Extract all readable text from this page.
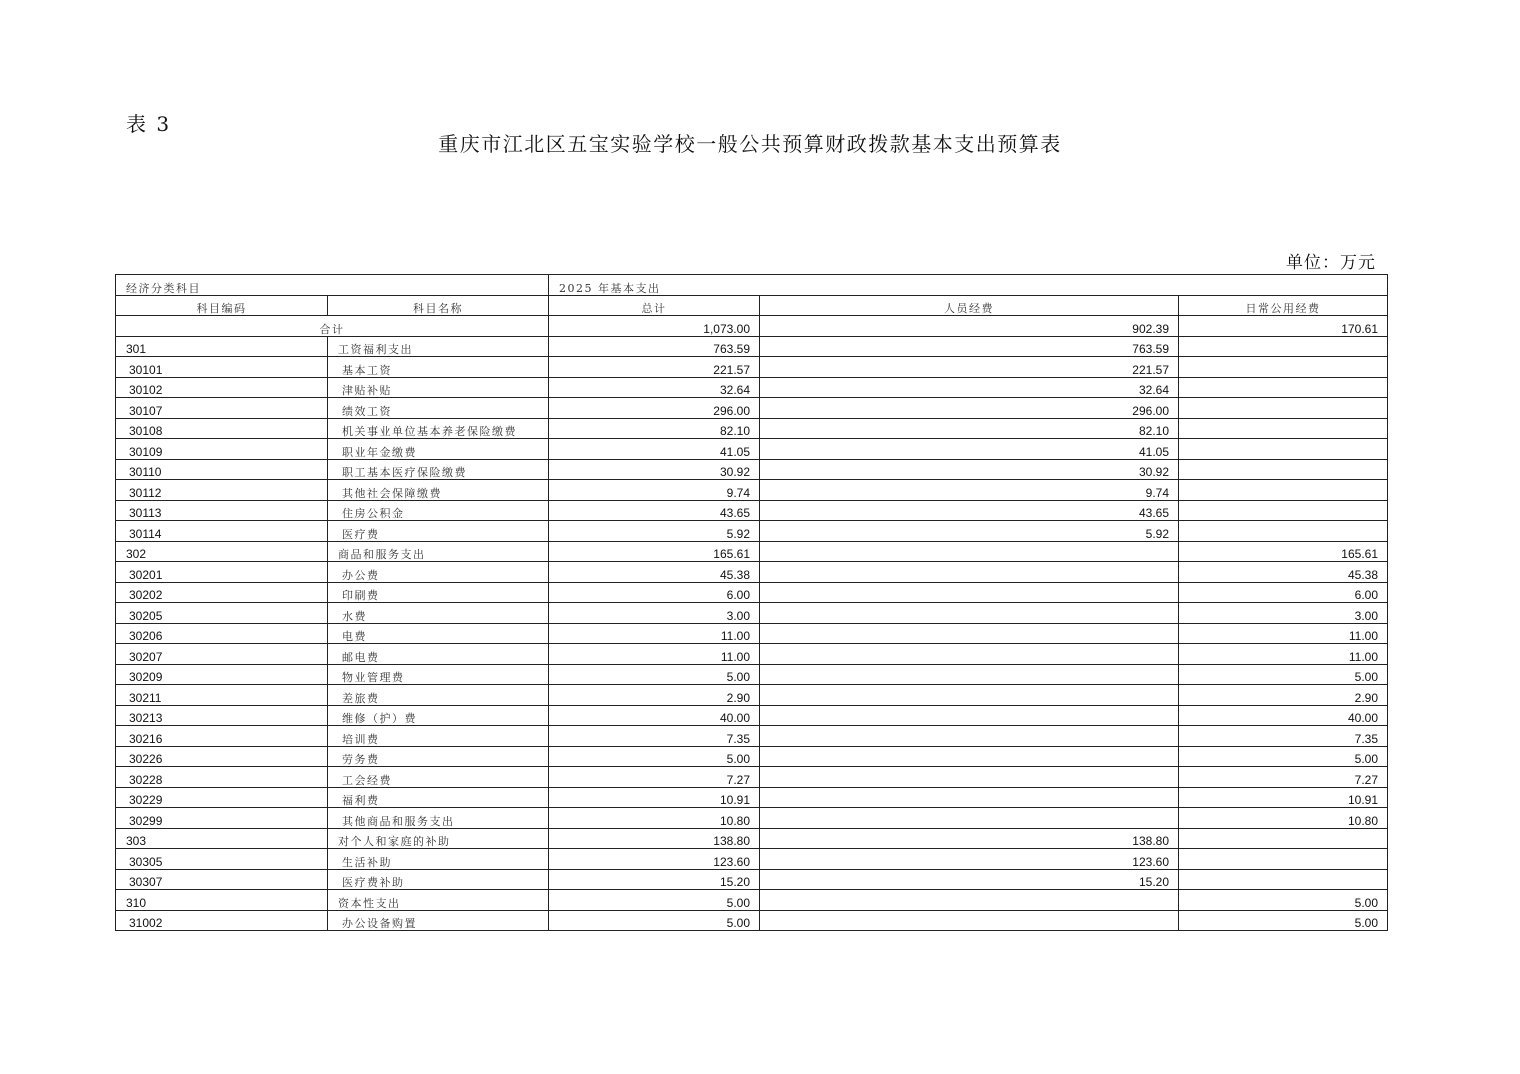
表 3
重庆市江北区五宝实验学校一般公共预算财政拨款基本支出预算表
单位：万元
经济分类科目		2025 年基本支出		
科目编码	科目名称	总计	人员经费	日常公用经费
合计		1,073.00	902.39	170.61
301	工资福利支出	763.59	763.59	
30101	基本工资	221.57	221.57	
30102	津贴补贴	32.64	32.64	
30107	绩效工资	296.00	296.00	
30108	机关事业单位基本养老保险缴费	82.10	82.10	
30109	职业年金缴费	41.05	41.05	
30110	职工基本医疗保险缴费	30.92	30.92	
30112	其他社会保障缴费	9.74	9.74	
30113	住房公积金	43.65	43.65	
30114	医疗费	5.92	5.92	
302	商品和服务支出	165.61		165.61
30201	办公费	45.38		45.38
30202	印刷费	6.00		6.00
30205	水费	3.00		3.00
30206	电费	11.00		11.00
30207	邮电费	11.00		11.00
30209	物业管理费	5.00		5.00
30211	差旅费	2.90		2.90
30213	维修（护）费	40.00		40.00
30216	培训费	7.35		7.35
30226	劳务费	5.00		5.00
30228	工会经费	7.27		7.27
30229	福利费	10.91		10.91
30299	其他商品和服务支出	10.80		10.80
303	对个人和家庭的补助	138.80	138.80	
30305	生活补助	123.60	123.60	
30307	医疗费补助	15.20	15.20	
310	资本性支出	5.00		5.00
31002	办公设备购置	5.00		5.00
